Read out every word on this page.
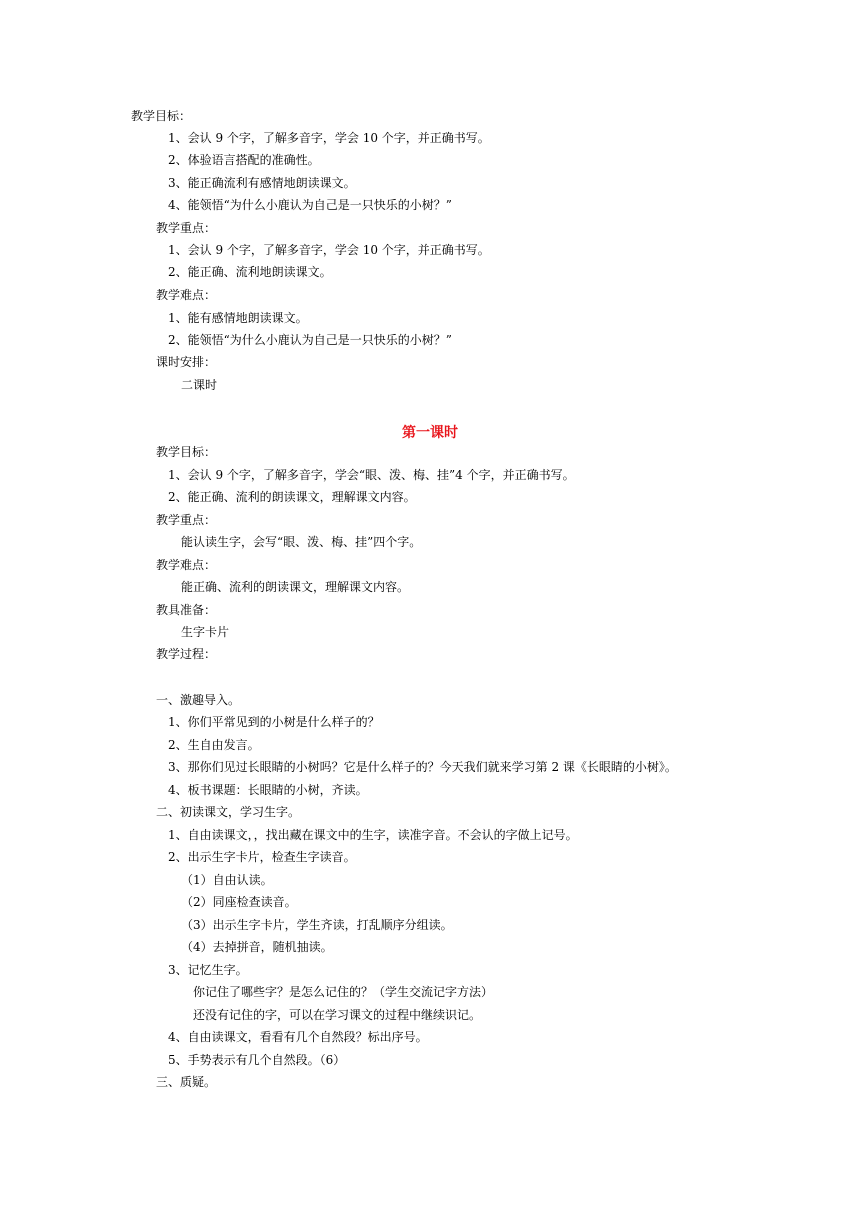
教学目标：
1、会认 9 个字，了解多音字，学会 10 个字，并正确书写。
2、体验语言搭配的准确性。
3、能正确流利有感情地朗读课文。
4、能领悟“为什么小鹿认为自己是一只快乐的小树？”
教学重点：
1、会认 9 个字，了解多音字，学会 10 个字，并正确书写。
2、能正确、流利地朗读课文。
教学难点：
1、能有感情地朗读课文。
2、能领悟“为什么小鹿认为自己是一只快乐的小树？”
课时安排：
二课时
第一课时
教学目标：
1、会认 9 个字，了解多音字，学会“眼、泼、梅、挂”4 个字，并正确书写。
2、能正确、流利的朗读课文，理解课文内容。
教学重点：
能认读生字，会写“眼、泼、梅、挂”四个字。
教学难点：
能正确、流利的朗读课文，理解课文内容。
教具准备：
生字卡片
教学过程：
一、激趣导入。
1、你们平常见到的小树是什么样子的？
2、生自由发言。
3、那你们见过长眼睛的小树吗？它是什么样子的？今天我们就来学习第 2 课《长眼睛的小树》。
4、板书课题：长眼睛的小树，齐读。
二、初读课文，学习生字。
1、自由读课文，，找出藏在课文中的生字，读准字音。不会认的字做上记号。
2、出示生字卡片，检查生字读音。
（1）自由认读。
（2）同座检查读音。
（3）出示生字卡片，学生齐读，打乱顺序分组读。
（4）去掉拼音，随机抽读。
3、记忆生字。
你记住了哪些字？是怎么记住的？（学生交流记字方法）
还没有记住的字，可以在学习课文的过程中继续识记。
4、自由读课文，看看有几个自然段？标出序号。
5、手势表示有几个自然段。（6）
三、质疑。
